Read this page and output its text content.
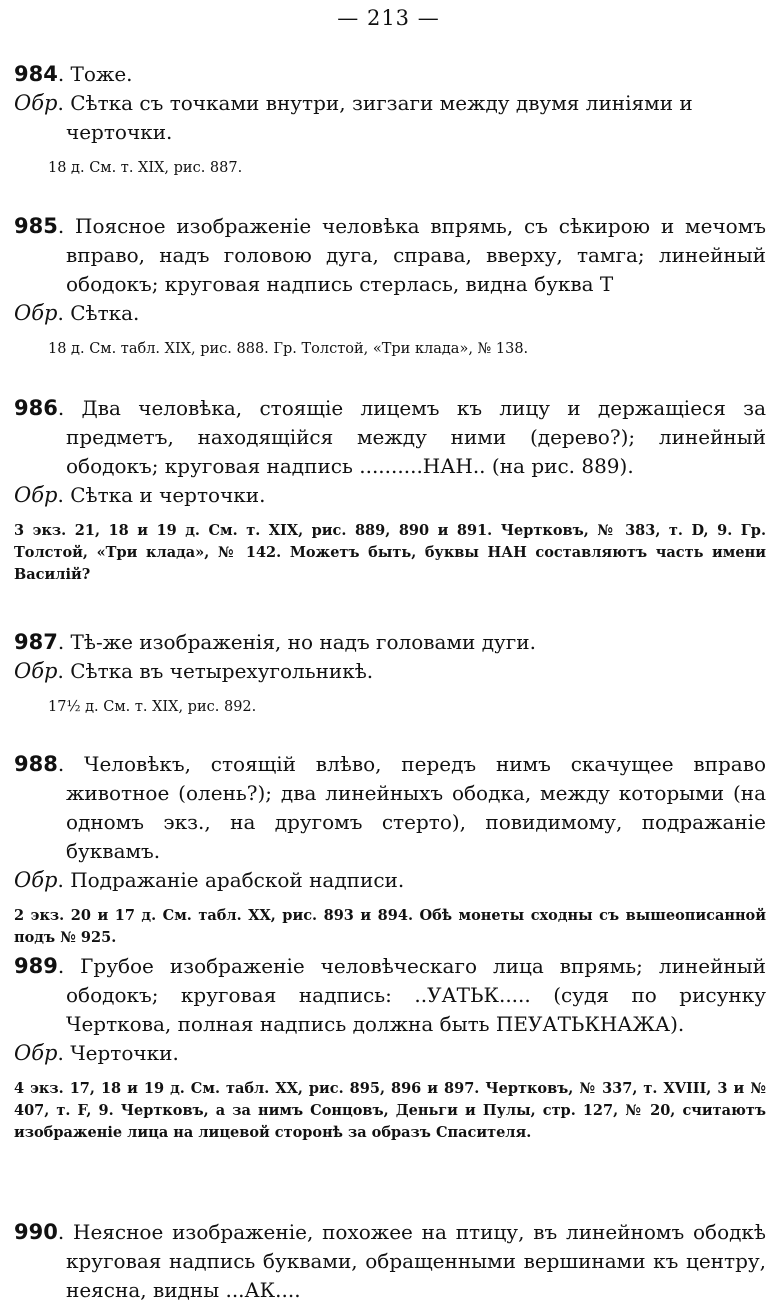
— 213 —

984. Тоже.

Обр. Сѣтка съ точками внутри, зигзаги между двумя линіями и черточки.

18 д. См. т. XIX, рис. 887.

985. Поясное изображеніе человѣка впрямь, съ сѣкирою и мечомъ вправо, надъ головою дуга, справа, вверху, тамга; линейный ободокъ; круговая надпись стерлась, видна буква Т

Обр. Сѣтка.

18 д. См. табл. XIX, рис. 888. Гр. Толстой, «Три клада», № 138.

986. Два человѣка, стоящіе лицемъ къ лицу и держащіеся за предметъ, находящійся между ними (дерево?); линейный ободокъ; круговая надпись ..........НАН.. (на рис. 889).

Обр. Сѣтка и черточки.

3 экз. 21, 18 и 19 д. См. т. XIX, рис. 889, 890 и 891. Чертковъ, № 383, т. D, 9. Гр. Толстой, «Три клада», № 142. Можетъ быть, буквы НАН составляютъ часть имени Василій?

987. Тѣ-же изображенія, но надъ головами дуги.

Обр. Сѣтка въ четырехугольникѣ.

17½ д. См. т. XIX, рис. 892.

988. Человѣкъ, стоящій влѣво, передъ нимъ скачущее вправо животное (олень?); два линейныхъ ободка, между которыми (на одномъ экз., на другомъ стерто), повидимому, подражаніе буквамъ.

Обр. Подражаніе арабской надписи.

2 экз. 20 и 17 д. См. табл. XX, рис. 893 и 894. Обѣ монеты сходны съ вышеописанной подъ № 925.

989. Грубое изображеніе человѣческаго лица впрямь; линейный ободокъ; круговая надпись: ..УАТЬК..... (судя по рисунку Черткова, полная надпись должна быть ПЕУАТЬКНАЖА).

Обр. Черточки.

4 экз. 17, 18 и 19 д. См. табл. XX, рис. 895, 896 и 897. Чертковъ, № 337, т. XVIII, 3 и № 407, т. F, 9. Чертковъ, а за нимъ Сонцовъ, Деньги и Пулы, стр. 127, № 20, считаютъ изображеніе лица на лицевой сторонѣ за образъ Спасителя.

990. Неясное изображеніе, похожее на птицу, въ линейномъ ободкѣ круговая надпись буквами, обращенными вершинами къ центру, неясна, видны ...АК....
